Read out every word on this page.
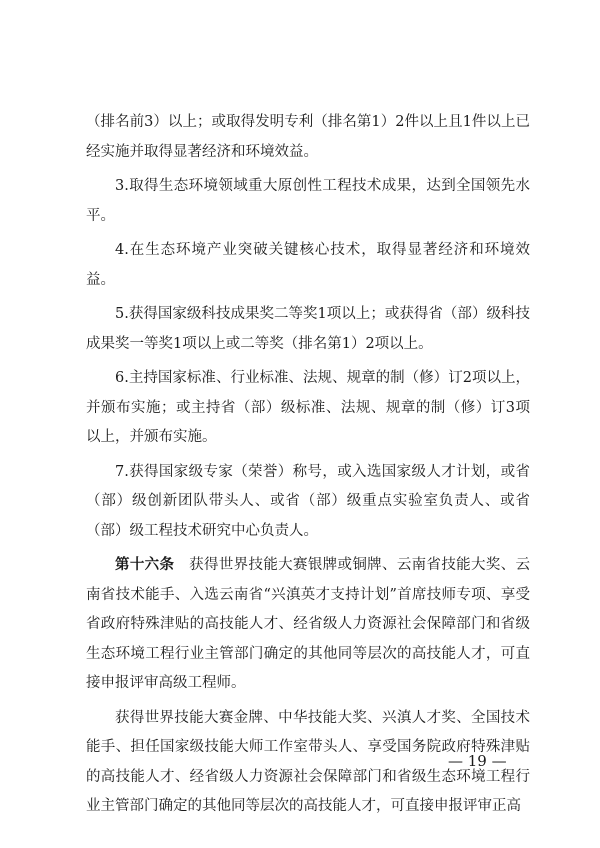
（排名前3）以上；或取得发明专利（排名第1）2件以上且1件以上已经实施并取得显著经济和环境效益。

3.取得生态环境领域重大原创性工程技术成果，达到全国领先水平。

4.在生态环境产业突破关键核心技术，取得显著经济和环境效益。

5.获得国家级科技成果奖二等奖1项以上；或获得省（部）级科技成果奖一等奖1项以上或二等奖（排名第1）2项以上。

6.主持国家标准、行业标准、法规、规章的制（修）订2项以上，并颁布实施；或主持省（部）级标准、法规、规章的制（修）订3项以上，并颁布实施。

7.获得国家级专家（荣誉）称号，或入选国家级人才计划，或省（部）级创新团队带头人、或省（部）级重点实验室负责人、或省（部）级工程技术研究中心负责人。

第十六条　获得世界技能大赛银牌或铜牌、云南省技能大奖、云南省技术能手、入选云南省“兴滇英才支持计划”首席技师专项、享受省政府特殊津贴的高技能人才、经省级人力资源社会保障部门和省级生态环境工程行业主管部门确定的其他同等层次的高技能人才，可直接申报评审高级工程师。

获得世界技能大赛金牌、中华技能大奖、兴滇人才奖、全国技术能手、担任国家级技能大师工作室带头人、享受国务院政府特殊津贴的高技能人才、经省级人力资源社会保障部门和省级生态环境工程行业主管部门确定的其他同等层次的高技能人才，可直接申报评审正高

— 19 —
